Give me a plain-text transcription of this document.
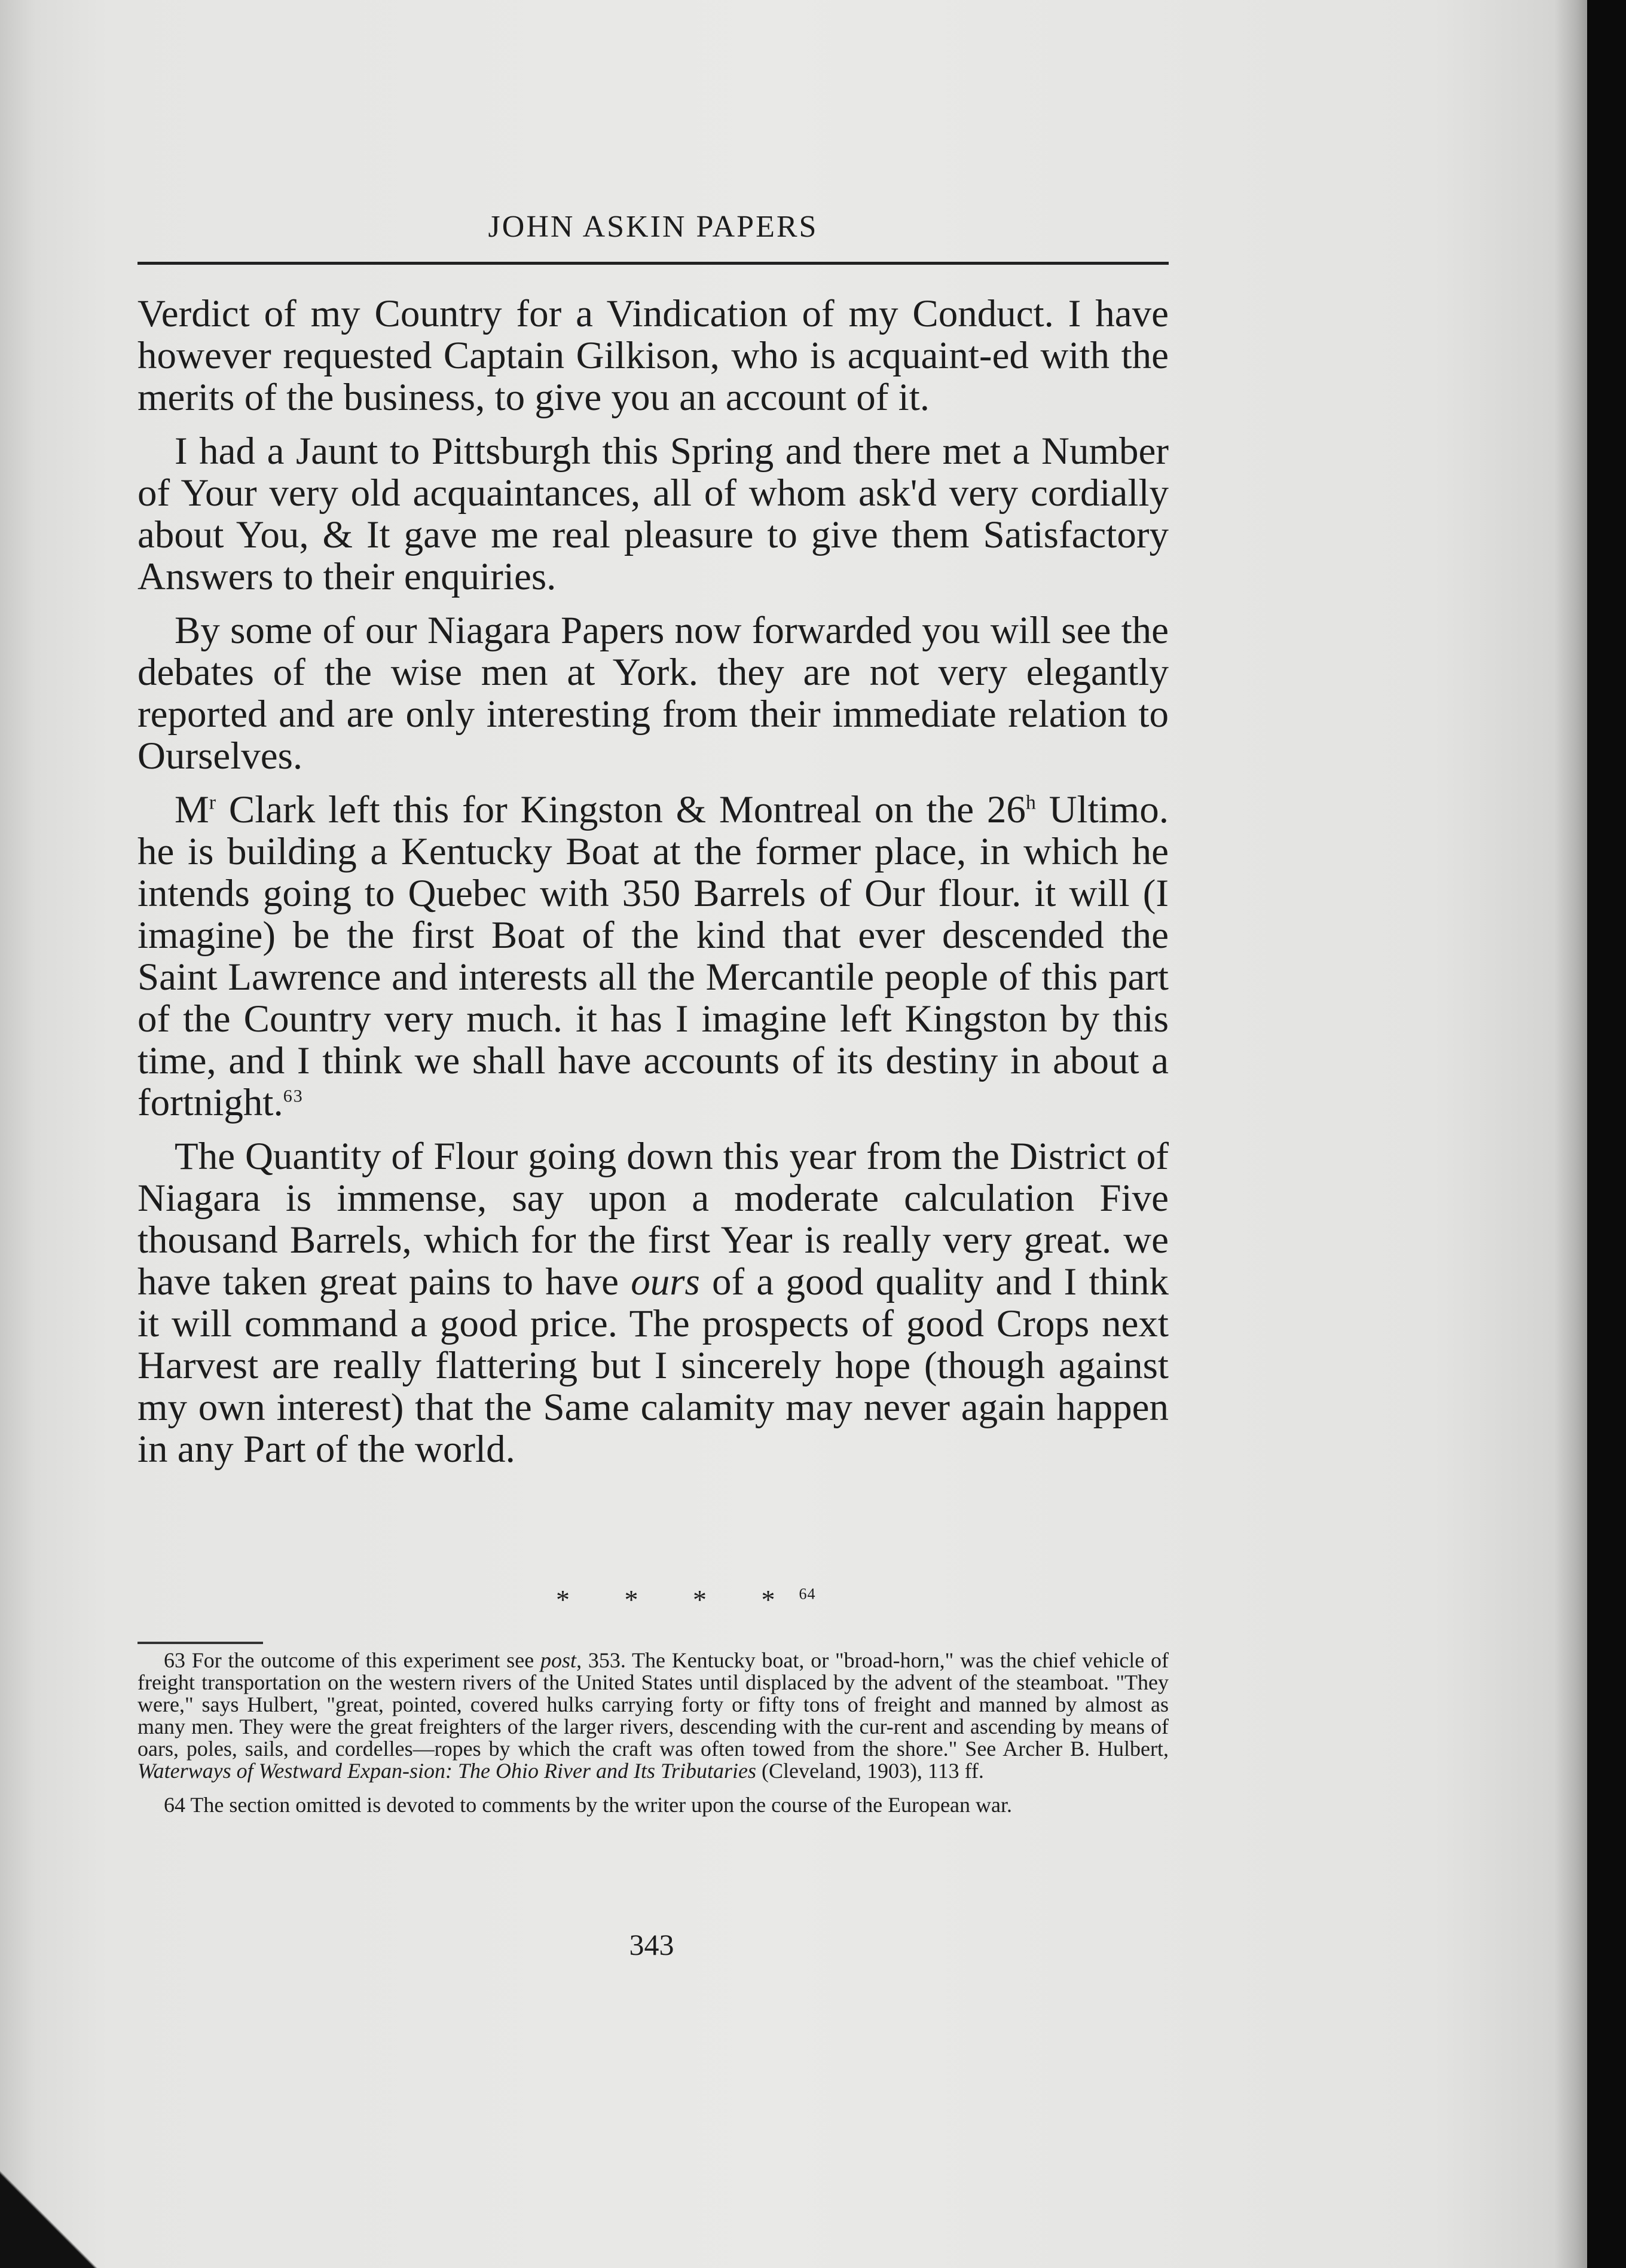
JOHN ASKIN PAPERS

Verdict of my Country for a Vindication of my Conduct. I have however requested Captain Gilkison, who is acquaint-ed with the merits of the business, to give you an account of it.

I had a Jaunt to Pittsburgh this Spring and there met a Number of Your very old acquaintances, all of whom ask'd very cordially about You, & It gave me real pleasure to give them Satisfactory Answers to their enquiries.

By some of our Niagara Papers now forwarded you will see the debates of the wise men at York. they are not very elegantly reported and are only interesting from their immediate relation to Ourselves.

$M^r$ Clark left this for Kingston & Montreal on the 26$^h$ Ultimo. he is building a Kentucky Boat at the former place, in which he intends going to Quebec with 350 Barrels of Our flour. it will (I imagine) be the first Boat of the kind that ever descended the Saint Lawrence and interests all the Mercantile people of this part of the Country very much. it has I imagine left Kingston by this time, and I think we shall have accounts of its destiny in about a fortnight.$^{63}$

The Quantity of Flour going down this year from the District of Niagara is immense, say upon a moderate calculation Five thousand Barrels, which for the first Year is really very great. we have taken great pains to have ours of a good quality and I think it will command a good price. The prospects of good Crops next Harvest are really flattering but I sincerely hope (though against my own interest) that the Same calamity may never again happen in any Part of the world.

* * * *$^{64}$

63 For the outcome of this experiment see post, 353. The Kentucky boat, or "broad-horn," was the chief vehicle of freight transportation on the western rivers of the United States until displaced by the advent of the steamboat. "They were," says Hulbert, "great, pointed, covered hulks carrying forty or fifty tons of freight and manned by almost as many men. They were the great freighters of the larger rivers, descending with the cur-rent and ascending by means of oars, poles, sails, and cordelles—ropes by which the craft was often towed from the shore." See Archer B. Hulbert, Waterways of Westward Expan-sion: The Ohio River and Its Tributaries (Cleveland, 1903), 113 ff.

64 The section omitted is devoted to comments by the writer upon the course of the European war.

343
